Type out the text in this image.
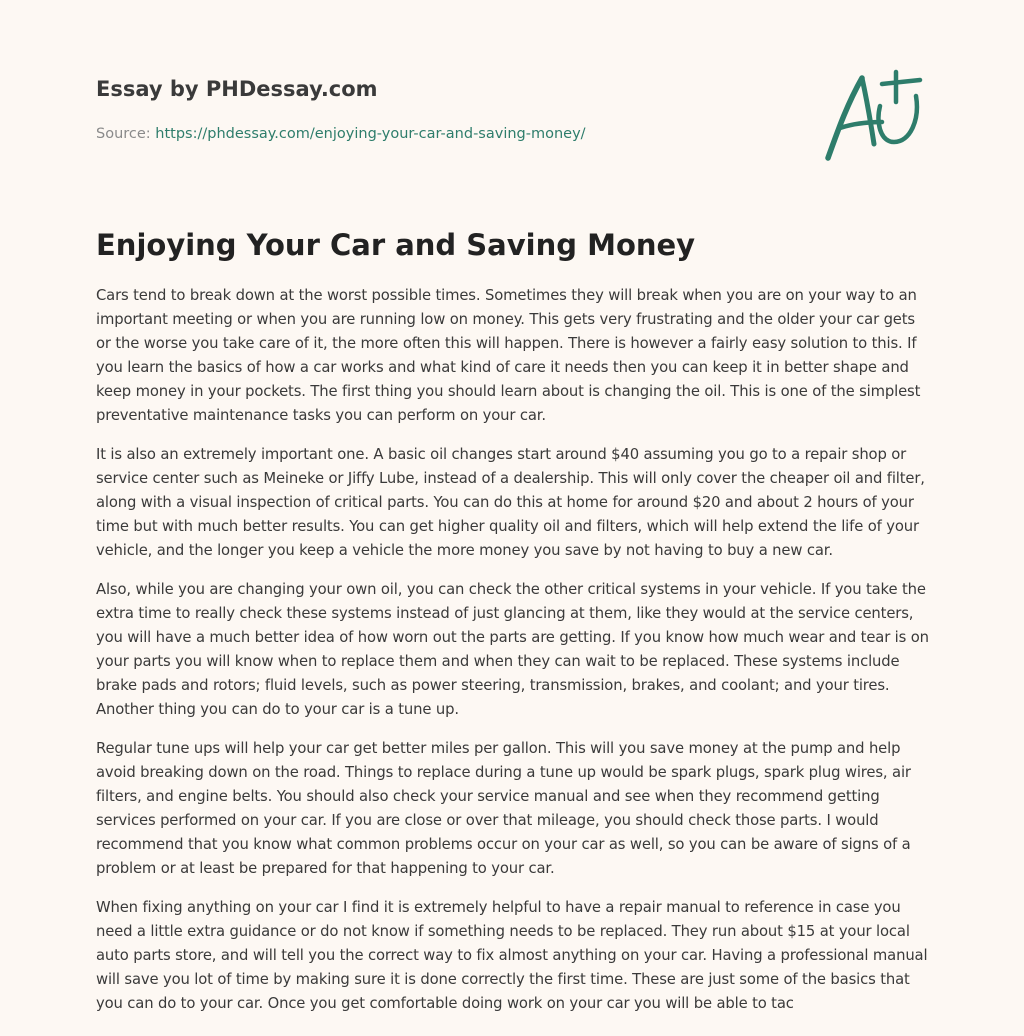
Essay by PHDessay.com
Source: https://phdessay.com/enjoying-your-car-and-saving-money/
Enjoying Your Car and Saving Money

Cars tend to break down at the worst possible times. Sometimes they will break when you are on your way to an important meeting or when you are running low on money. This gets very frustrating and the older your car gets or the worse you take care of it, the more often this will happen. There is however a fairly easy solution to this. If you learn the basics of how a car works and what kind of care it needs then you can keep it in better shape and keep money in your pockets. The first thing you should learn about is changing the oil. This is one of the simplest preventative maintenance tasks you can perform on your car.

It is also an extremely important one. A basic oil changes start around $40 assuming you go to a repair shop or service center such as Meineke or Jiffy Lube, instead of a dealership. This will only cover the cheaper oil and filter, along with a visual inspection of critical parts. You can do this at home for around $20 and about 2 hours of your time but with much better results. You can get higher quality oil and filters, which will help extend the life of your vehicle, and the longer you keep a vehicle the more money you save by not having to buy a new car.

Also, while you are changing your own oil, you can check the other critical systems in your vehicle. If you take the extra time to really check these systems instead of just glancing at them, like they would at the service centers, you will have a much better idea of how worn out the parts are getting. If you know how much wear and tear is on your parts you will know when to replace them and when they can wait to be replaced. These systems include brake pads and rotors; fluid levels, such as power steering, transmission, brakes, and coolant; and your tires. Another thing you can do to your car is a tune up.

Regular tune ups will help your car get better miles per gallon. This will you save money at the pump and help avoid breaking down on the road. Things to replace during a tune up would be spark plugs, spark plug wires, air filters, and engine belts. You should also check your service manual and see when they recommend getting services performed on your car. If you are close or over that mileage, you should check those parts. I would recommend that you know what common problems occur on your car as well, so you can be aware of signs of a problem or at least be prepared for that happening to your car.

When fixing anything on your car I find it is extremely helpful to have a repair manual to reference in case you need a little extra guidance or do not know if something needs to be replaced. They run about $15 at your local auto parts store, and will tell you the correct way to fix almost anything on your car. Having a professional manual will save you lot of time by making sure it is done correctly the first time. These are just some of the basics that you can do to your car. Once you get comfortable doing work on your car you will be able to tac
